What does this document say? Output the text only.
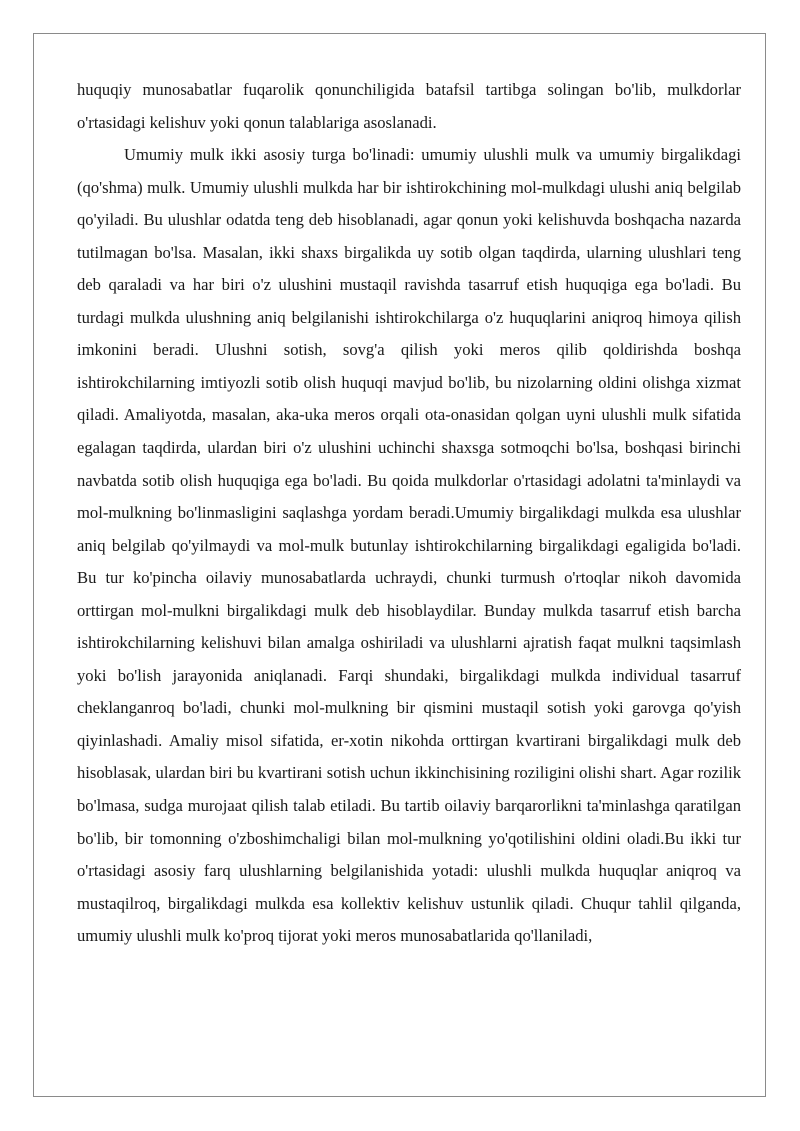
huquqiy munosabatlar fuqarolik qonunchiligida batafsil tartibga solingan bo'lib, mulkdorlar o'rtasidagi kelishuv yoki qonun talablariga asoslanadi.

Umumiy mulk ikki asosiy turga bo'linadi: umumiy ulushli mulk va umumiy birgalikdagi (qo'shma) mulk. Umumiy ulushli mulkda har bir ishtirokchining mol-mulkdagi ulushi aniq belgilab qo'yiladi. Bu ulushlar odatda teng deb hisoblanadi, agar qonun yoki kelishuvda boshqacha nazarda tutilmagan bo'lsa. Masalan, ikki shaxs birgalikda uy sotib olgan taqdirda, ularning ulushlari teng deb qaraladi va har biri o'z ulushini mustaqil ravishda tasarruf etish huquqiga ega bo'ladi. Bu turdagi mulkda ulushning aniq belgilanishi ishtirokchilarga o'z huquqlarini aniqroq himoya qilish imkonini beradi. Ulushni sotish, sovg'a qilish yoki meros qilib qoldirishda boshqa ishtirokchilarning imtiyozli sotib olish huquqi mavjud bo'lib, bu nizolarning oldini olishga xizmat qiladi. Amaliyotda, masalan, aka-uka meros orqali ota-onasidan qolgan uyni ulushli mulk sifatida egalagan taqdirda, ulardan biri o'z ulushini uchinchi shaxsga sotmoqchi bo'lsa, boshqasi birinchi navbatda sotib olish huquqiga ega bo'ladi. Bu qoida mulkdorlar o'rtasidagi adolatni ta'minlaydi va mol-mulkning bo'linmasligini saqlashga yordam beradi.Umumiy birgalikdagi mulkda esa ulushlar aniq belgilab qo'yilmaydi va mol-mulk butunlay ishtirokchilarning birgalikdagi egaligida bo'ladi. Bu tur ko'pincha oilaviy munosabatlarda uchraydi, chunki turmush o'rtoqlar nikoh davomida orttirgan mol-mulkni birgalikdagi mulk deb hisoblaydilar. Bunday mulkda tasarruf etish barcha ishtirokchilarning kelishuvi bilan amalga oshiriladi va ulushlarni ajratish faqat mulkni taqsimlash yoki bo'lish jarayonida aniqlanadi. Farqi shundaki, birgalikdagi mulkda individual tasarruf cheklanganroq bo'ladi, chunki mol-mulkning bir qismini mustaqil sotish yoki garovga qo'yish qiyinlashadi. Amaliy misol sifatida, er-xotin nikohda orttirgan kvartirani birgalikdagi mulk deb hisoblasak, ulardan biri bu kvartirani sotish uchun ikkinchisining roziligini olishi shart. Agar rozilik bo'lmasa, sudga murojaat qilish talab etiladi. Bu tartib oilaviy barqarorlikni ta'minlashga qaratilgan bo'lib, bir tomonning o'zboshimchaligi bilan mol-mulkning yo'qotilishini oldini oladi.Bu ikki tur o'rtasidagi asosiy farq ulushlarning belgilanishida yotadi: ulushli mulkda huquqlar aniqroq va mustaqilroq, birgalikdagi mulkda esa kollektiv kelishuv ustunlik qiladi. Chuqur tahlil qilganda, umumiy ulushli mulk ko'proq tijorat yoki meros munosabatlarida qo'llaniladi,
